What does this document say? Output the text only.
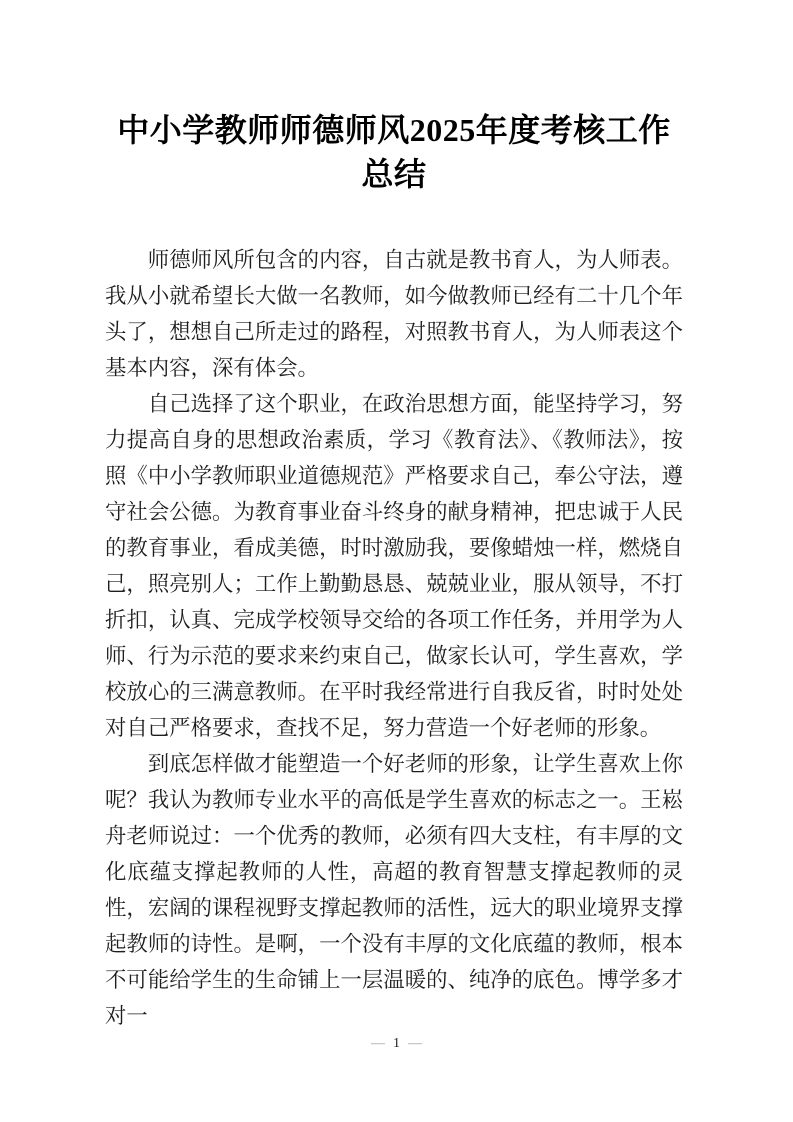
中小学教师师德师风2025年度考核工作总结

师德师风所包含的内容，自古就是教书育人，为人师表。我从小就希望长大做一名教师，如今做教师已经有二十几个年头了，想想自己所走过的路程，对照教书育人，为人师表这个基本内容，深有体会。

自己选择了这个职业，在政治思想方面，能坚持学习，努力提高自身的思想政治素质，学习《教育法》、《教师法》，按照《中小学教师职业道德规范》严格要求自己，奉公守法，遵守社会公德。为教育事业奋斗终身的献身精神，把忠诚于人民的教育事业，看成美德，时时激励我，要像蜡烛一样，燃烧自己，照亮别人；工作上勤勤恳恳、兢兢业业，服从领导，不打折扣，认真、完成学校领导交给的各项工作任务，并用学为人师、行为示范的要求来约束自己，做家长认可，学生喜欢，学校放心的三满意教师。在平时我经常进行自我反省，时时处处对自己严格要求，查找不足，努力营造一个好老师的形象。

到底怎样做才能塑造一个好老师的形象，让学生喜欢上你呢？我认为教师专业水平的高低是学生喜欢的标志之一。王崧舟老师说过：一个优秀的教师，必须有四大支柱，有丰厚的文化底蕴支撑起教师的人性，高超的教育智慧支撑起教师的灵性，宏阔的课程视野支撑起教师的活性，远大的职业境界支撑起教师的诗性。是啊，一个没有丰厚的文化底蕴的教师，根本不可能给学生的生命铺上一层温暖的、纯净的底色。博学多才对一

— 1 —
